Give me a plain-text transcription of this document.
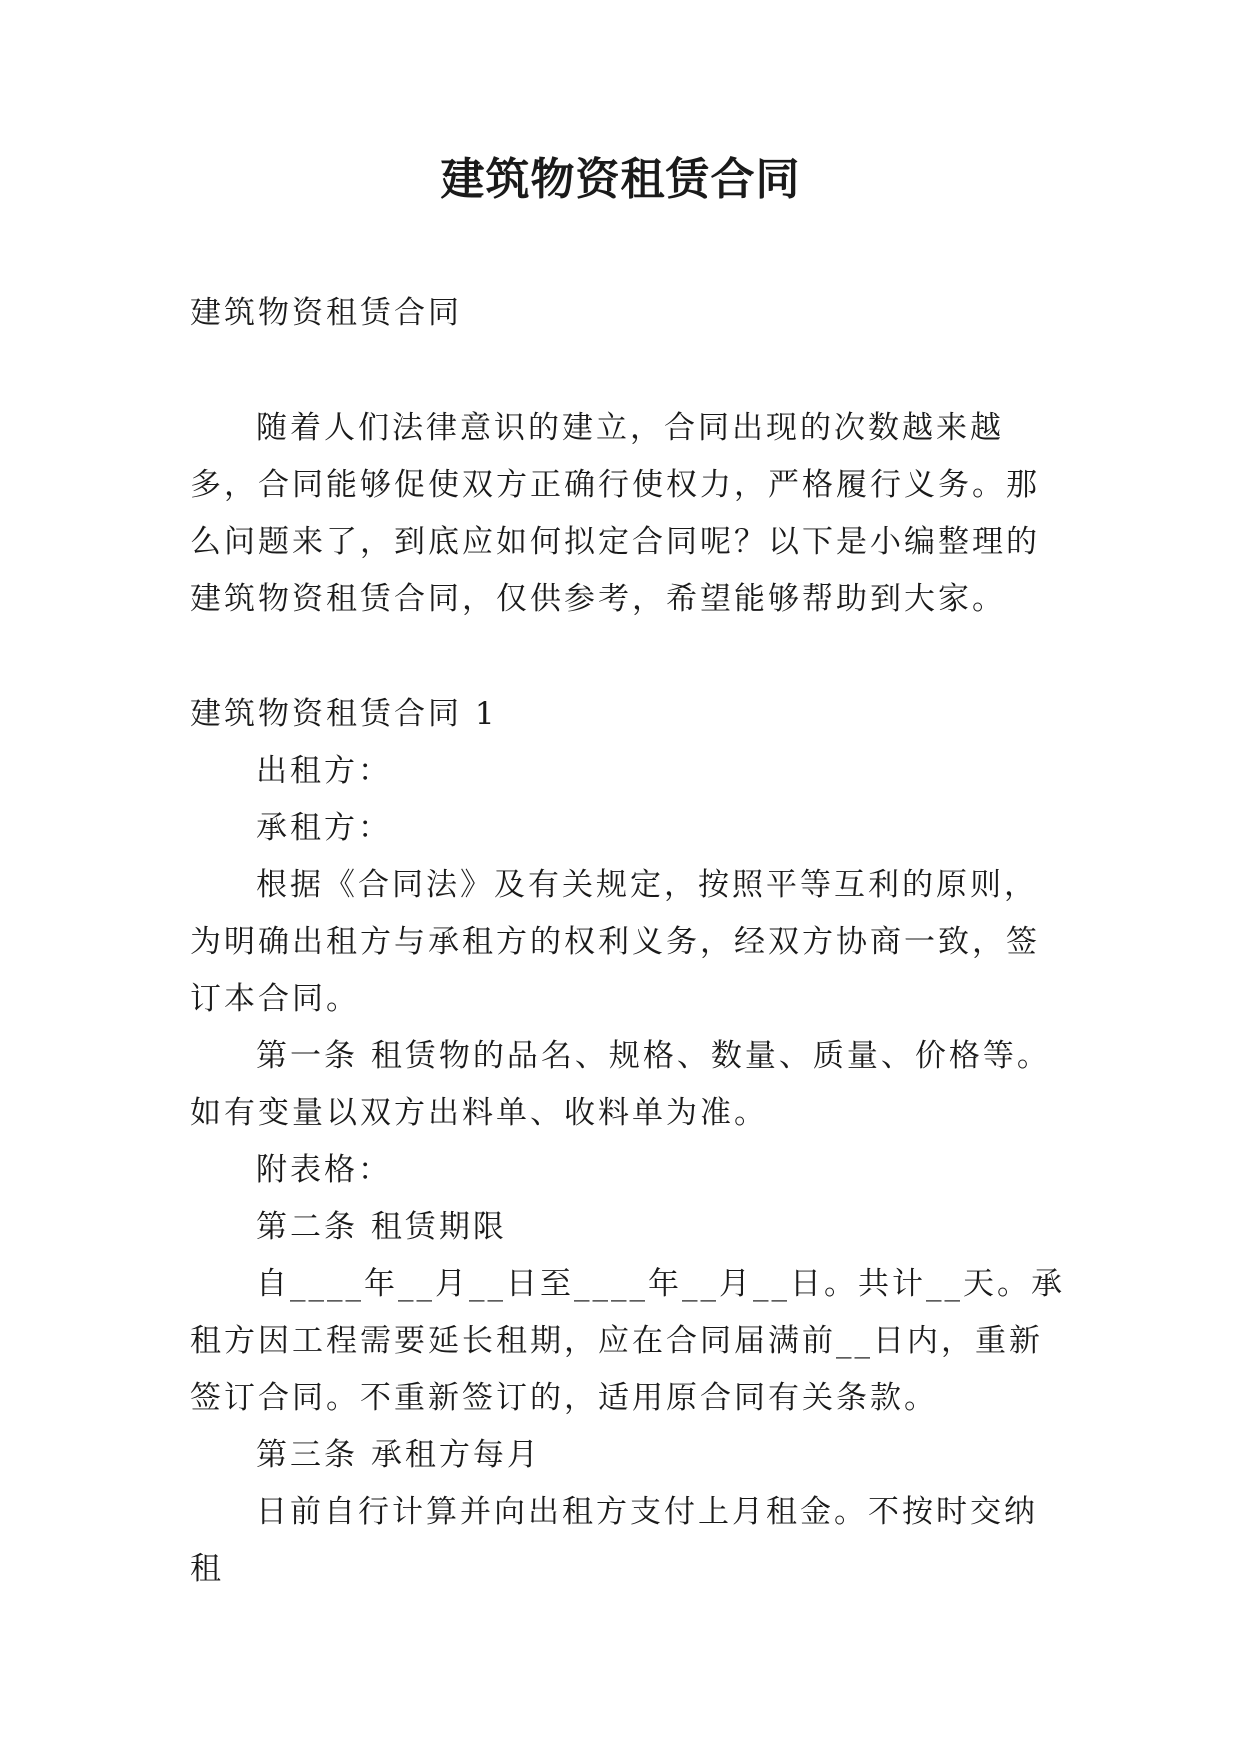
建筑物资租赁合同

建筑物资租赁合同

随着人们法律意识的建立，合同出现的次数越来越多，合同能够促使双方正确行使权力，严格履行义务。那么问题来了，到底应如何拟定合同呢？以下是小编整理的建筑物资租赁合同，仅供参考，希望能够帮助到大家。

建筑物资租赁合同 1

出租方：

承租方：

根据《合同法》及有关规定，按照平等互利的原则，为明确出租方与承租方的权利义务，经双方协商一致，签订本合同。

第一条 租赁物的品名、规格、数量、质量、价格等。如有变量以双方出料单、收料单为准。

附表格：

第二条 租赁期限

自____年__月__日至____年__月__日。共计__天。承租方因工程需要延长租期，应在合同届满前__日内，重新签订合同。不重新签订的，适用原合同有关条款。

第三条 承租方每月

日前自行计算并向出租方支付上月租金。不按时交纳租
